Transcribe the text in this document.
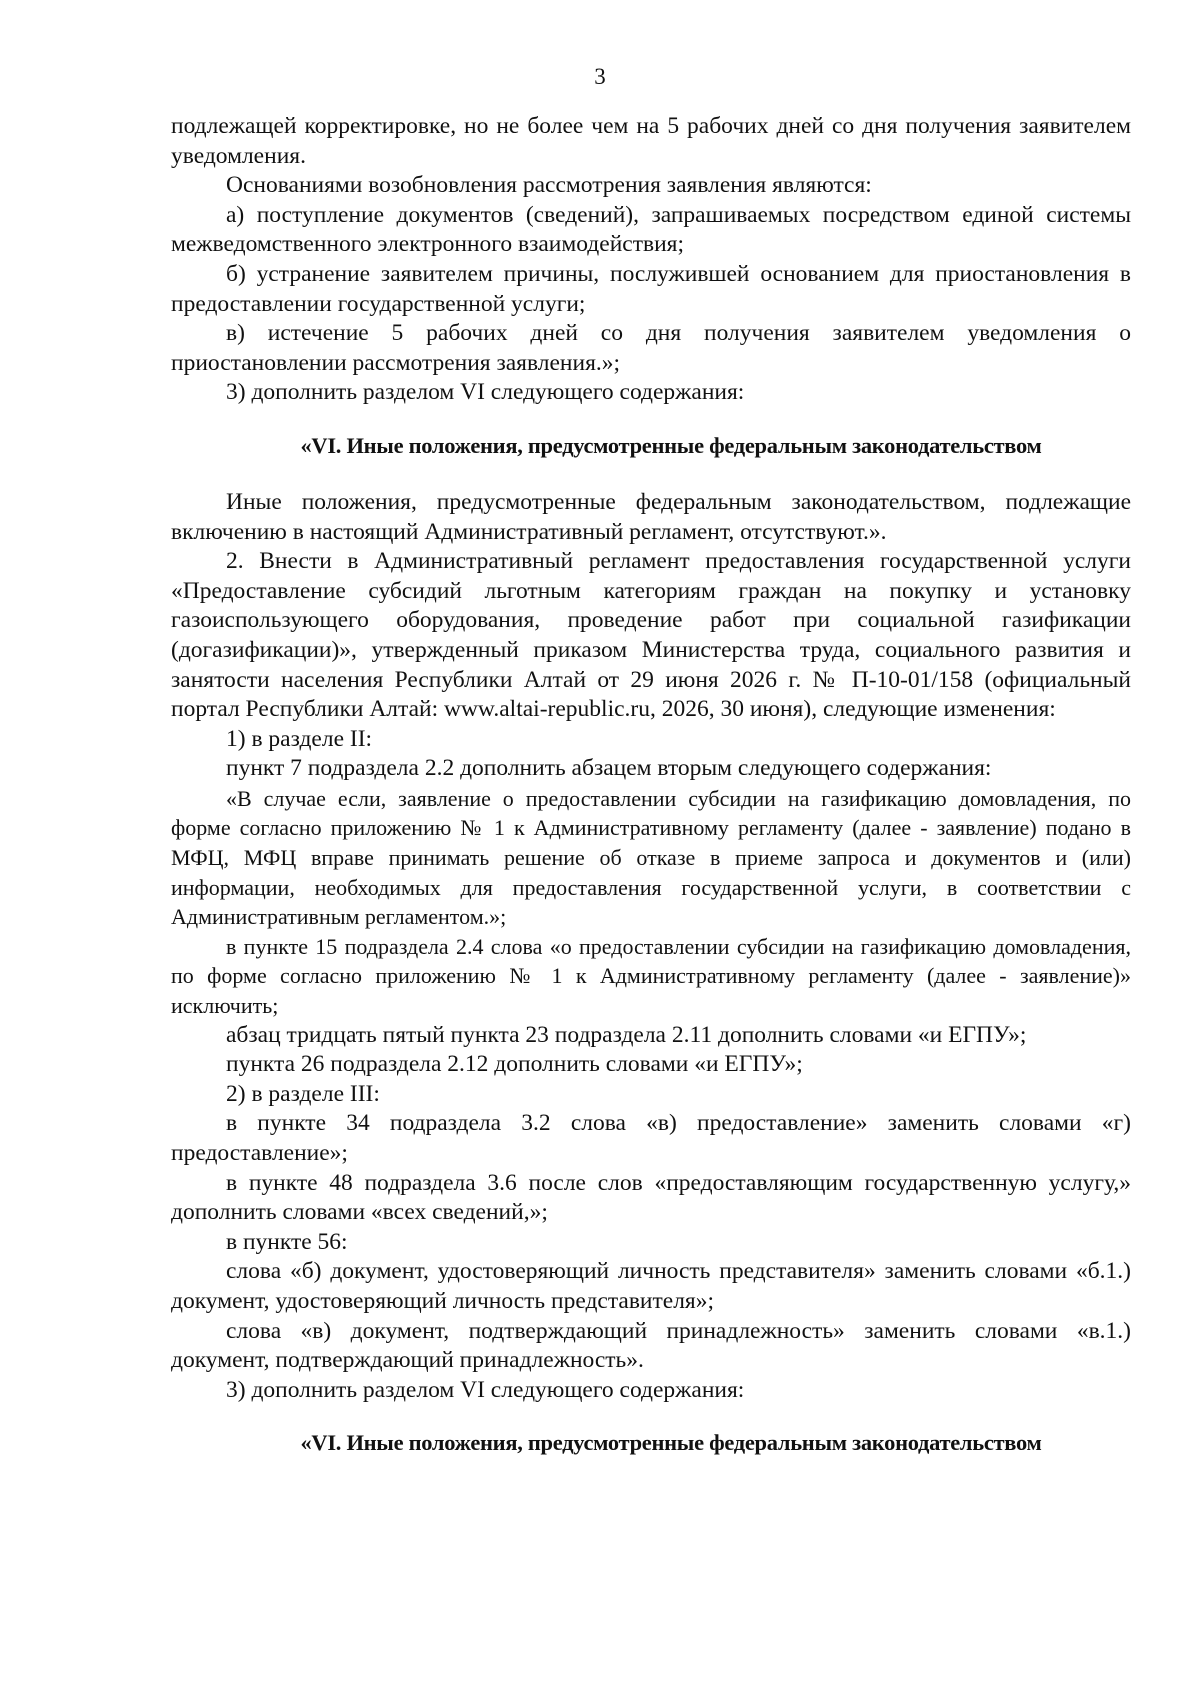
3

подлежащей корректировке, но не более чем на 5 рабочих дней со дня получения заявителем уведомления.

Основаниями возобновления рассмотрения заявления являются:

а) поступление документов (сведений), запрашиваемых посредством единой системы межведомственного электронного взаимодействия;

б) устранение заявителем причины, послужившей основанием для приостановления в предоставлении государственной услуги;

в) истечение 5 рабочих дней со дня получения заявителем уведомления о приостановлении рассмотрения заявления.»;

3) дополнить разделом VI следующего содержания:

«VI. Иные положения, предусмотренные федеральным законодательством

Иные положения, предусмотренные федеральным законодательством, подлежащие включению в настоящий Административный регламент, отсутствуют.».

2. Внести в Административный регламент предоставления государственной услуги «Предоставление субсидий льготным категориям граждан на покупку и установку газоиспользующего оборудования, проведение работ при социальной газификации (догазификации)», утвержденный приказом Министерства труда, социального развития и занятости населения Республики Алтай от 29 июня 2026 г. № П-10-01/158 (официальный портал Республики Алтай: www.altai-republic.ru, 2026, 30 июня), следующие изменения:

1) в разделе II:

пункт 7 подраздела 2.2 дополнить абзацем вторым следующего содержания:

«В случае если, заявление о предоставлении субсидии на газификацию домовладения, по форме согласно приложению № 1 к Административному регламенту (далее - заявление) подано в МФЦ, МФЦ вправе принимать решение об отказе в приеме запроса и документов и (или) информации, необходимых для предоставления государственной услуги, в соответствии с Административным регламентом.»;

в пункте 15 подраздела 2.4 слова «о предоставлении субсидии на газификацию домовладения, по форме согласно приложению № 1 к Административному регламенту (далее - заявление)» исключить;

абзац тридцать пятый пункта 23 подраздела 2.11 дополнить словами «и ЕГПУ»;

пункта 26 подраздела 2.12 дополнить словами «и ЕГПУ»;

2) в разделе III:

в пункте 34 подраздела 3.2 слова «в) предоставление» заменить словами «г) предоставление»;

в пункте 48 подраздела 3.6 после слов «предоставляющим государственную услугу,» дополнить словами «всех сведений,»;

в пункте 56:

слова «б) документ, удостоверяющий личность представителя» заменить словами «б.1.) документ, удостоверяющий личность представителя»;

слова «в) документ, подтверждающий принадлежность» заменить словами «в.1.) документ, подтверждающий принадлежность».

3) дополнить разделом VI следующего содержания:

«VI. Иные положения, предусмотренные федеральным законодательством
